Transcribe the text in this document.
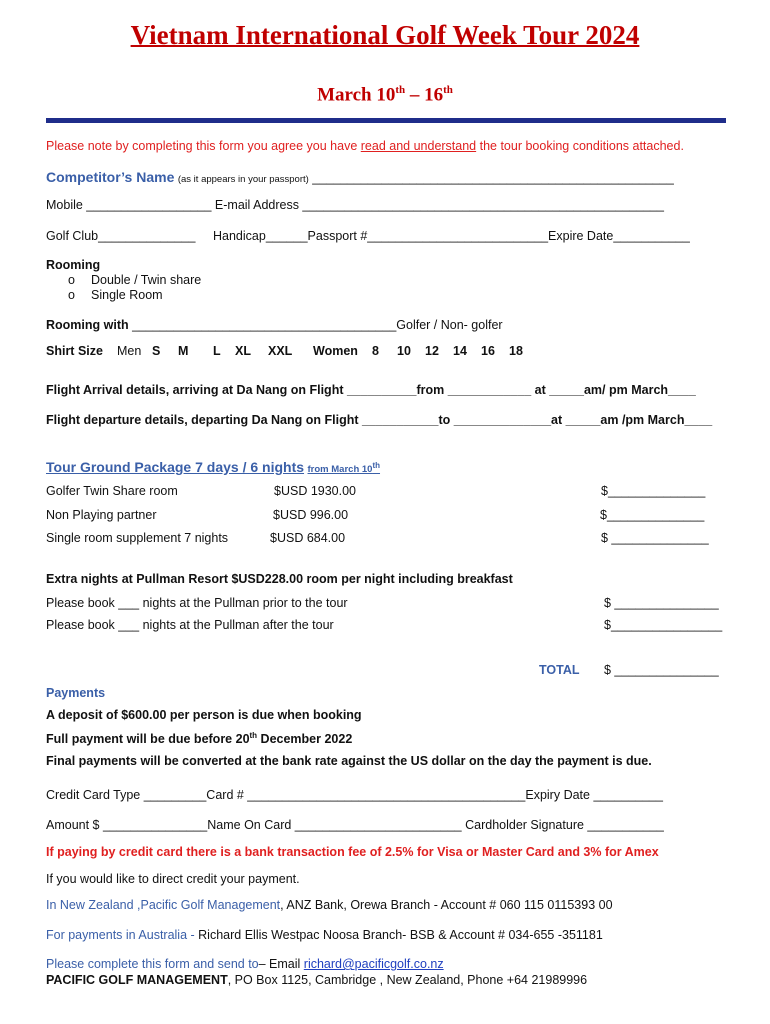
Vietnam International Golf Week Tour 2024
March 10th – 16th
Please note by completing this form you agree you have read and understand the tour booking conditions attached.
Competitor’s Name (as it appears in your passport) ____________________________________________________
Mobile __________________ E-mail Address ____________________________________________________
Golf Club______________ Handicap______Passport #__________________________Expire Date___________
Rooming
o Double / Twin share
o Single Room
Rooming with ______________________________________Golfer / Non- golfer
Shirt Size Men S M L XL XXL Women 8 10 12 14 16 18
Flight Arrival details, arriving at Da Nang on Flight __________from ____________ at _____am/ pm March____
Flight departure details, departing Da Nang on Flight ___________to ______________at _____am /pm March____
Tour Ground Package 7 days / 6 nights from March 10th
Golfer Twin Share room	$USD 1930.00	$______________
Non Playing partner	$USD 996.00	$______________
Single room supplement 7 nights	$USD 684.00	$ ______________
Extra nights at Pullman Resort $USD228.00 room per night including breakfast
Please book ___ nights at the Pullman prior to the tour	$ _______________
Please book ___ nights at the Pullman after the tour	$________________
TOTAL $ _______________
Payments
A deposit of $600.00 per person is due when booking
Full payment will be due before 20th December 2022
Final payments will be converted at the bank rate against the US dollar on the day the payment is due.
Credit Card Type _________Card # ________________________________________Expiry Date __________
Amount $ _______________Name On Card ________________________ Cardholder Signature ___________
If paying by credit card there is a bank transaction fee of 2.5% for Visa or Master Card and 3% for Amex
If you would like to direct credit your payment.
In New Zealand ,Pacific Golf Management, ANZ Bank, Orewa Branch - Account # 060 115 0115393 00
For payments in Australia - Richard Ellis Westpac Noosa Branch- BSB & Account # 034-655 -351181
Please complete this form and send to– Email richard@pacificgolf.co.nz
PACIFIC GOLF MANAGEMENT, PO Box 1125, Cambridge , New Zealand, Phone +64 21989996
